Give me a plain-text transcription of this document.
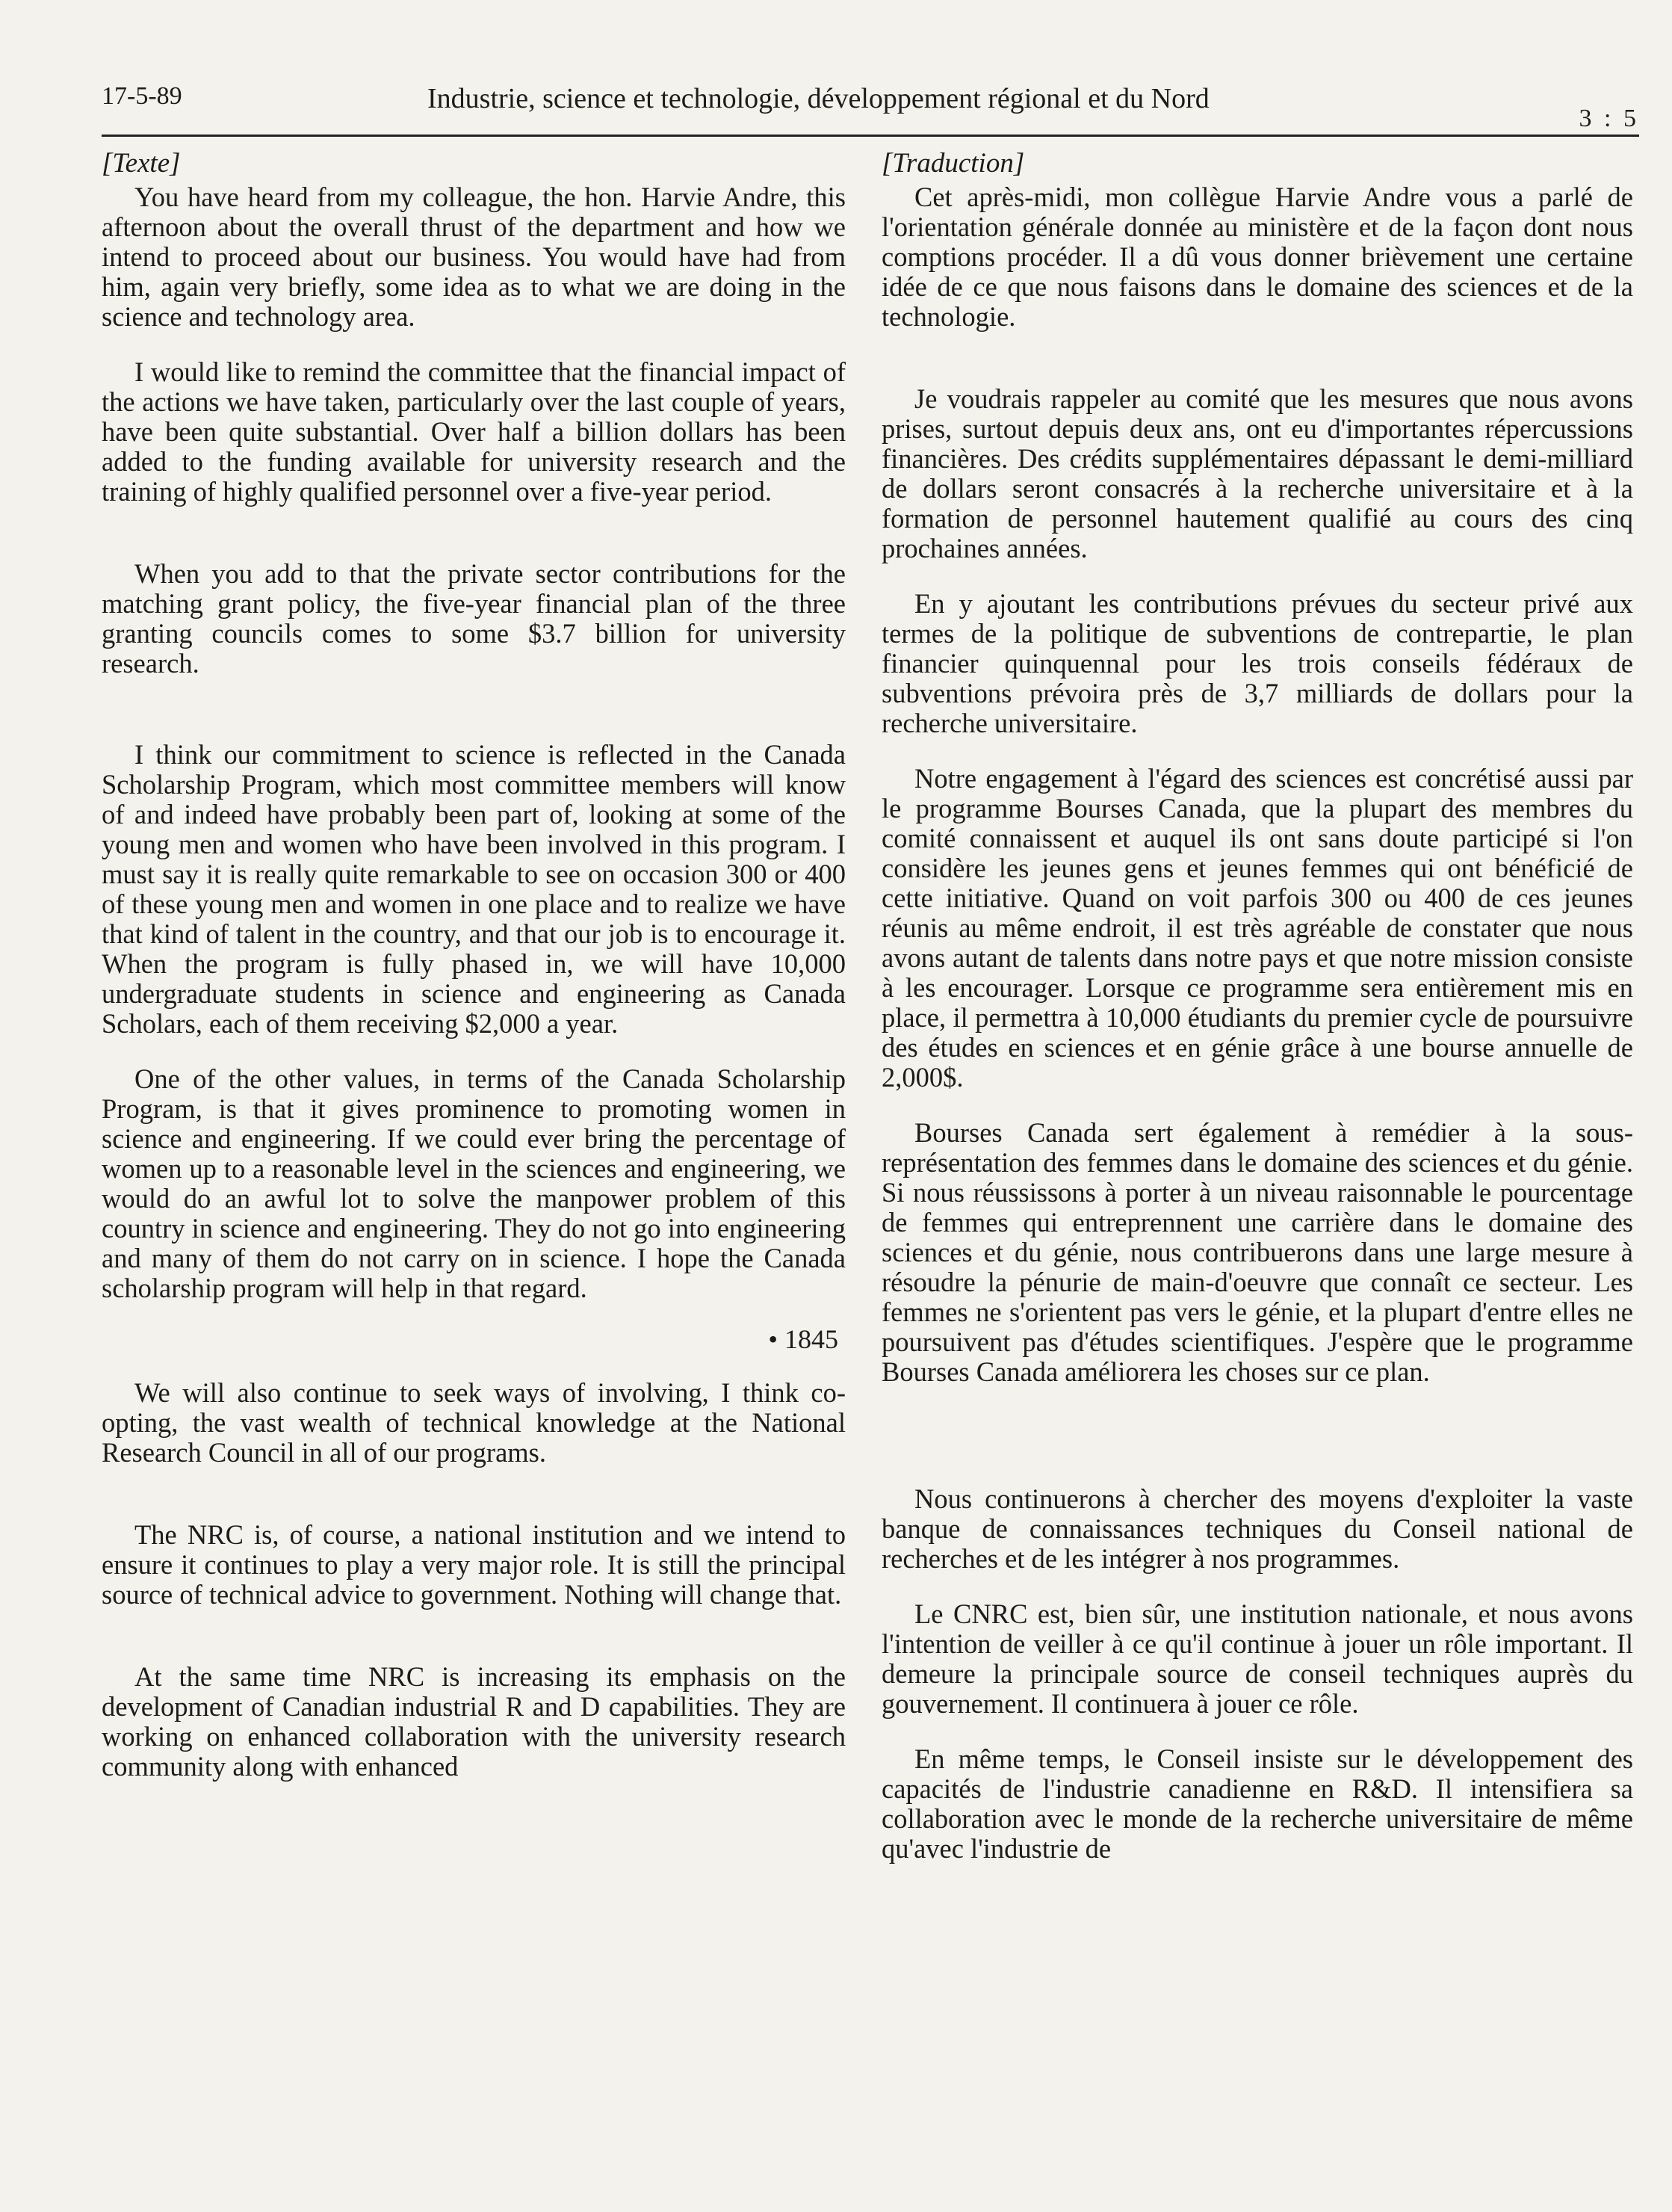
17-5-89	Industrie, science et technologie, développement régional et du Nord
3 : 5
[Texte]

You have heard from my colleague, the hon. Harvie Andre, this afternoon about the overall thrust of the department and how we intend to proceed about our business. You would have had from him, again very briefly, some idea as to what we are doing in the science and technology area.

I would like to remind the committee that the financial impact of the actions we have taken, particularly over the last couple of years, have been quite substantial. Over half a billion dollars has been added to the funding available for university research and the training of highly qualified personnel over a five-year period.

When you add to that the private sector contributions for the matching grant policy, the five-year financial plan of the three granting councils comes to some $3.7 billion for university research.

I think our commitment to science is reflected in the Canada Scholarship Program, which most committee members will know of and indeed have probably been part of, looking at some of the young men and women who have been involved in this program. I must say it is really quite remarkable to see on occasion 300 or 400 of these young men and women in one place and to realize we have that kind of talent in the country, and that our job is to encourage it. When the program is fully phased in, we will have 10,000 undergraduate students in science and engineering as Canada Scholars, each of them receiving $2,000 a year.

One of the other values, in terms of the Canada Scholarship Program, is that it gives prominence to promoting women in science and engineering. If we could ever bring the percentage of women up to a reasonable level in the sciences and engineering, we would do an awful lot to solve the manpower problem of this country in science and engineering. They do not go into engineering and many of them do not carry on in science. I hope the Canada scholarship program will help in that regard.

• 1845

We will also continue to seek ways of involving, I think co-opting, the vast wealth of technical knowledge at the National Research Council in all of our programs.

The NRC is, of course, a national institution and we intend to ensure it continues to play a very major role. It is still the principal source of technical advice to government. Nothing will change that.

At the same time NRC is increasing its emphasis on the development of Canadian industrial R and D capabilities. They are working on enhanced collaboration with the university research community along with enhanced

[Traduction]

Cet après-midi, mon collègue Harvie Andre vous a parlé de l'orientation générale donnée au ministère et de la façon dont nous comptions procéder. Il a dû vous donner brièvement une certaine idée de ce que nous faisons dans le domaine des sciences et de la technologie.

Je voudrais rappeler au comité que les mesures que nous avons prises, surtout depuis deux ans, ont eu d'importantes répercussions financières. Des crédits supplémentaires dépassant le demi-milliard de dollars seront consacrés à la recherche universitaire et à la formation de personnel hautement qualifié au cours des cinq prochaines années.

En y ajoutant les contributions prévues du secteur privé aux termes de la politique de subventions de contrepartie, le plan financier quinquennal pour les trois conseils fédéraux de subventions prévoira près de 3,7 milliards de dollars pour la recherche universitaire.

Notre engagement à l'égard des sciences est concrétisé aussi par le programme Bourses Canada, que la plupart des membres du comité connaissent et auquel ils ont sans doute participé si l'on considère les jeunes gens et jeunes femmes qui ont bénéficié de cette initiative. Quand on voit parfois 300 ou 400 de ces jeunes réunis au même endroit, il est très agréable de constater que nous avons autant de talents dans notre pays et que notre mission consiste à les encourager. Lorsque ce programme sera entièrement mis en place, il permettra à 10,000 étudiants du premier cycle de poursuivre des études en sciences et en génie grâce à une bourse annuelle de 2,000$.

Bourses Canada sert également à remédier à la sous-représentation des femmes dans le domaine des sciences et du génie. Si nous réussissons à porter à un niveau raisonnable le pourcentage de femmes qui entreprennent une carrière dans le domaine des sciences et du génie, nous contribuerons dans une large mesure à résoudre la pénurie de main-d'oeuvre que connaît ce secteur. Les femmes ne s'orientent pas vers le génie, et la plupart d'entre elles ne poursuivent pas d'études scientifiques. J'espère que le programme Bourses Canada améliorera les choses sur ce plan.

Nous continuerons à chercher des moyens d'exploiter la vaste banque de connaissances techniques du Conseil national de recherches et de les intégrer à nos programmes.

Le CNRC est, bien sûr, une institution nationale, et nous avons l'intention de veiller à ce qu'il continue à jouer un rôle important. Il demeure la principale source de conseil techniques auprès du gouvernement. Il continuera à jouer ce rôle.

En même temps, le Conseil insiste sur le développement des capacités de l'industrie canadienne en R&D. Il intensifiera sa collaboration avec le monde de la recherche universitaire de même qu'avec l'industrie de
